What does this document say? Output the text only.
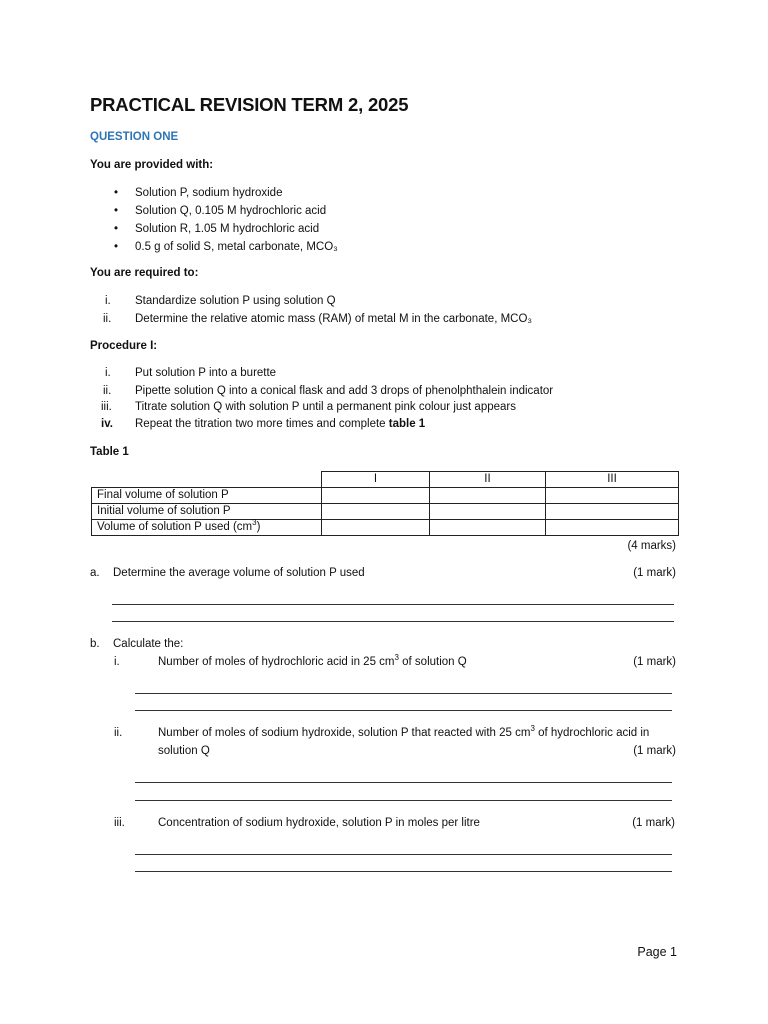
PRACTICAL REVISION TERM 2, 2025
QUESTION ONE
You are provided with:
• Solution P, sodium hydroxide
• Solution Q, 0.105 M hydrochloric acid
• Solution R, 1.05 M hydrochloric acid
• 0.5 g of solid S, metal carbonate, MCO₃
You are required to:
i.	Standardize solution P using solution Q
ii.	Determine the relative atomic mass (RAM) of metal M in the carbonate, MCO₃
Procedure I:
i.	Put solution P into a burette
ii.	Pipette solution Q into a conical flask and add 3 drops of phenolphthalein indicator
iii.	Titrate solution Q with solution P until a permanent pink colour just appears
iv.	Repeat the titration two more times and complete table 1
Table 1
	I	II	III
Final volume of solution P			
Initial volume of solution P			
Volume of solution P used $(cm^3)$			
(4 marks)
a. Determine the average volume of solution P used	(1 mark)
b. Calculate the:
i.	Number of moles of hydrochloric acid in 25 $cm^3$ of solution Q	(1 mark)
ii.	Number of moles of sodium hydroxide, solution P that reacted with 25 $cm^3$ of hydrochloric acid in
solution Q	(1 mark)
iii.	Concentration of sodium hydroxide, solution P in moles per litre	(1 mark)
Page 1
